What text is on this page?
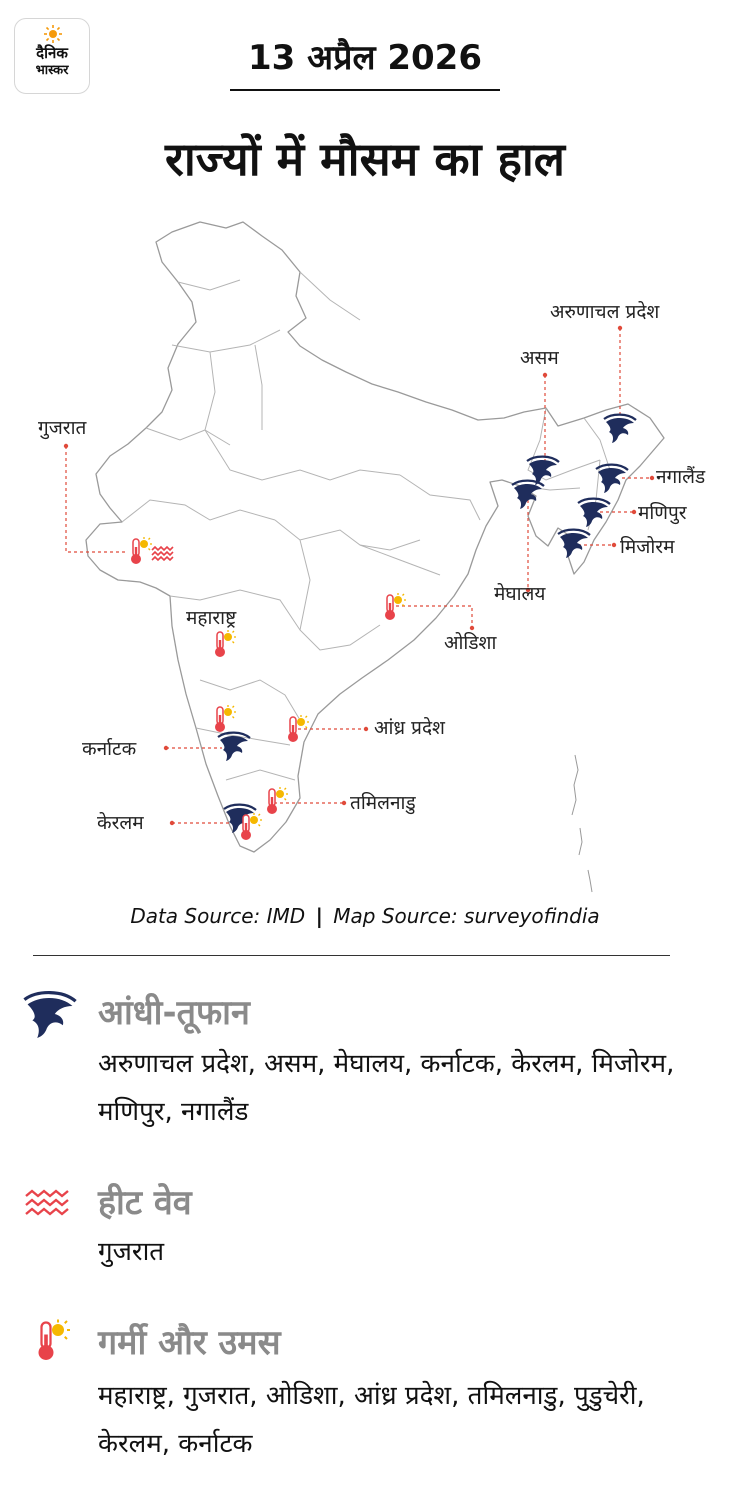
दैनिक
भास्कर	13 अप्रैल 2026
राज्यों में मौसम का हाल
अरुणाचल प्रदेश
असम
गुजरात
नगालैंड
मणिपुर
मिजोरम
मेघालय
महाराष्ट्र
ओडिशा
आंध्र प्रदेश
कर्नाटक
तमिलनाडु
केरलम
Data Source: IMD | Map Source: surveyofindia
आंधी-तूफान
अरुणाचल प्रदेश, असम, मेघालय, कर्नाटक, केरलम, मिजोरम, मणिपुर, नगालैंड
हीट वेव
गुजरात
गर्मी और उमस
महाराष्ट्र, गुजरात, ओडिशा, आंध्र प्रदेश, तमिलनाडु, पुडुचेरी, केरलम, कर्नाटक
